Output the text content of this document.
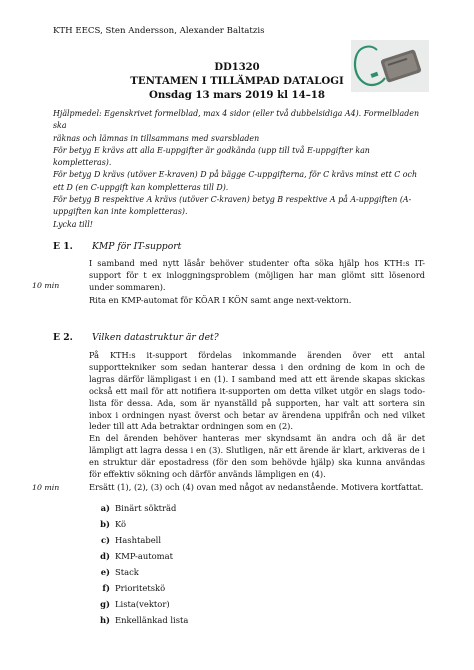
KTH EECS, Sten Andersson, Alexander Baltatzis
DD1320
TENTAMEN I TILLÄMPAD DATALOGI
Onsdag 13 mars 2019 kl 14–18
Hjälpmedel: Egenskrivet formelblad, max 4 sidor (eller två dubbelsidiga A4). Formelbladen ska
räknas och lämnas in tillsammans med svarsbladen
För betyg E krävs att alla E-uppgifter är godkända (upp till två E-uppgifter kan kompletteras).
För betyg D krävs (utöver E-kraven) D på bägge C-uppgifterna, för C krävs minst ett C och
ett D (en C-uppgift kan kompletteras till D).
För betyg B respektive A krävs (utöver C-kraven) betyg B respektive A på A-uppgiften (A-
uppgiften kan inte kompletteras).
Lycka till!
E 1. KMP för IT-support
I samband med nytt läsår behöver studenter ofta söka hjälp hos KTH:s IT-support för t ex inloggningsproblem (möjligen har man glömt sitt lösenord under sommaren).
10 min
Rita en KMP-automat för KÖAR I KÖN samt ange next-vektorn.
E 2. Vilken datastruktur är det?
På KTH:s it-support fördelas inkommande ärenden över ett antal supporttekniker som sedan hanterar dessa i den ordning de kom in och de lagras därför lämpligast i en (1). I samband med att ett ärende skapas skickas också ett mail för att notifiera it-supporten om detta vilket utgör en slags todo-lista för dessa. Ada, som är nyanställd på supporten, har valt att sortera sin inbox i ordningen nyast överst och betar av ärendena uppifrån och ned vilket leder till att Ada betraktar ordningen som en (2).
En del ärenden behöver hanteras mer skyndsamt än andra och då är det lämpligt att lagra dessa i en (3). Slutligen, när ett ärende är klart, arkiveras de i en struktur där epostadress (för den som behövde hjälp) ska kunna användas för effektiv sökning och därför används lämpligen en (4).
10 min	Ersätt (1), (2), (3) och (4) ovan med något av nedanstående. Motivera kortfattat.
a) Binärt sökträd
b) Kö
c) Hashtabell
d) KMP-automat
e) Stack
f) Prioritetskö
g) Lista(vektor)
h) Enkellänkad lista
